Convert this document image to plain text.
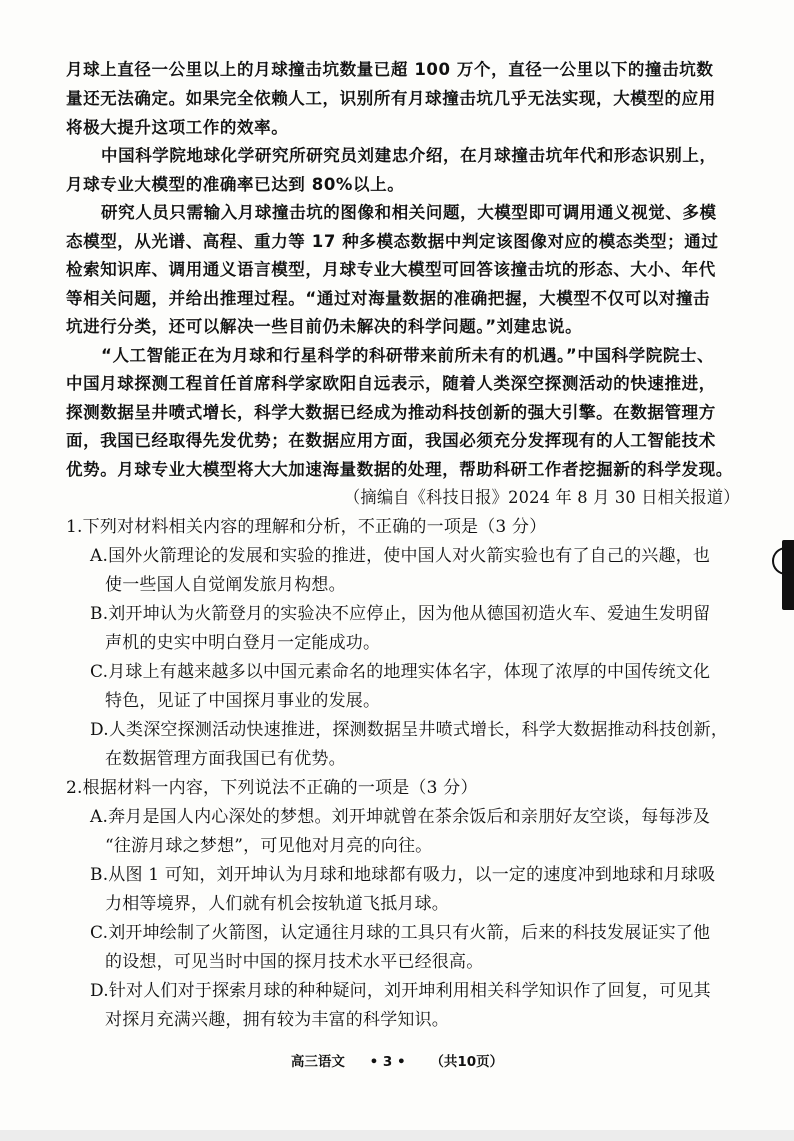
月球上直径一公里以上的月球撞击坑数量已超 100 万个，直径一公里以下的撞击坑数
量还无法确定。如果完全依赖人工，识别所有月球撞击坑几乎无法实现，大模型的应用
将极大提升这项工作的效率。
中国科学院地球化学研究所研究员刘建忠介绍，在月球撞击坑年代和形态识别上，
月球专业大模型的准确率已达到 80%以上。
研究人员只需输入月球撞击坑的图像和相关问题，大模型即可调用通义视觉、多模
态模型，从光谱、高程、重力等 17 种多模态数据中判定该图像对应的模态类型；通过
检索知识库、调用通义语言模型，月球专业大模型可回答该撞击坑的形态、大小、年代
等相关问题，并给出推理过程。“通过对海量数据的准确把握，大模型不仅可以对撞击
坑进行分类，还可以解决一些目前仍未解决的科学问题。”刘建忠说。
“人工智能正在为月球和行星科学的科研带来前所未有的机遇。”中国科学院院士、
中国月球探测工程首任首席科学家欧阳自远表示，随着人类深空探测活动的快速推进，
探测数据呈井喷式增长，科学大数据已经成为推动科技创新的强大引擎。在数据管理方
面，我国已经取得先发优势；在数据应用方面，我国必须充分发挥现有的人工智能技术
优势。月球专业大模型将大大加速海量数据的处理，帮助科研工作者挖掘新的科学发现。
（摘编自《科技日报》2024 年 8 月 30 日相关报道）
1.下列对材料相关内容的理解和分析，不正确的一项是（3 分）
A.国外火箭理论的发展和实验的推进，使中国人对火箭实验也有了自己的兴趣，也
使一些国人自觉阐发旅月构想。
B.刘开坤认为火箭登月的实验决不应停止，因为他从德国初造火车、爱迪生发明留
声机的史实中明白登月一定能成功。
C.月球上有越来越多以中国元素命名的地理实体名字，体现了浓厚的中国传统文化
特色，见证了中国探月事业的发展。
D.人类深空探测活动快速推进，探测数据呈井喷式增长，科学大数据推动科技创新，
在数据管理方面我国已有优势。
2.根据材料一内容，下列说法不正确的一项是（3 分）
A.奔月是国人内心深处的梦想。刘开坤就曾在茶余饭后和亲朋好友空谈，每每涉及
“往游月球之梦想”，可见他对月亮的向往。
B.从图 1 可知，刘开坤认为月球和地球都有吸力，以一定的速度冲到地球和月球吸
力相等境界，人们就有机会按轨道飞抵月球。
C.刘开坤绘制了火箭图，认定通往月球的工具只有火箭，后来的科技发展证实了他
的设想，可见当时中国的探月技术水平已经很高。
D.针对人们对于探索月球的种种疑问，刘开坤利用相关科学知识作了回复，可见其
对探月充满兴趣，拥有较为丰富的科学知识。
高三语文 • 3 • （共10页）
